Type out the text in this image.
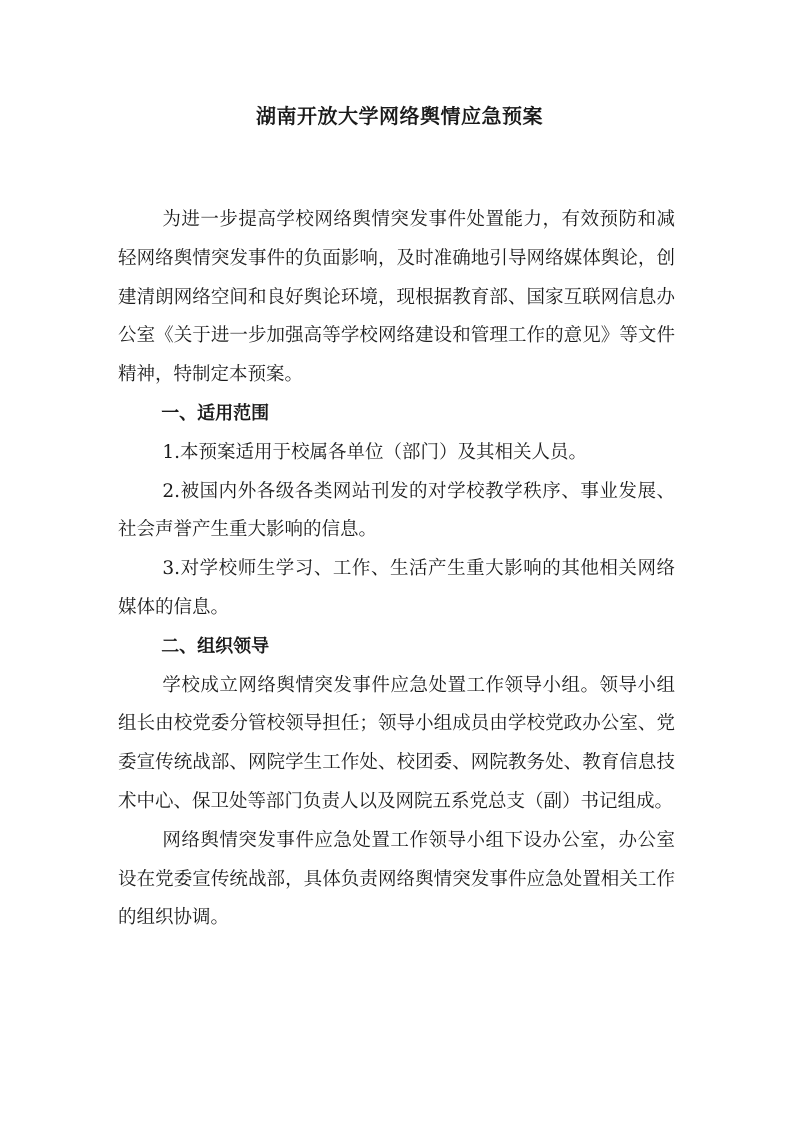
湖南开放大学网络舆情应急预案

为进一步提高学校网络舆情突发事件处置能力，有效预防和减轻网络舆情突发事件的负面影响，及时准确地引导网络媒体舆论，创建清朗网络空间和良好舆论环境，现根据教育部、国家互联网信息办公室《关于进一步加强高等学校网络建设和管理工作的意见》等文件精神，特制定本预案。

一、适用范围

1.本预案适用于校属各单位（部门）及其相关人员。

2.被国内外各级各类网站刊发的对学校教学秩序、事业发展、社会声誉产生重大影响的信息。

3.对学校师生学习、工作、生活产生重大影响的其他相关网络媒体的信息。

二、组织领导

学校成立网络舆情突发事件应急处置工作领导小组。领导小组组长由校党委分管校领导担任；领导小组成员由学校党政办公室、党委宣传统战部、网院学生工作处、校团委、网院教务处、教育信息技术中心、保卫处等部门负责人以及网院五系党总支（副）书记组成。

网络舆情突发事件应急处置工作领导小组下设办公室，办公室设在党委宣传统战部，具体负责网络舆情突发事件应急处置相关工作的组织协调。
